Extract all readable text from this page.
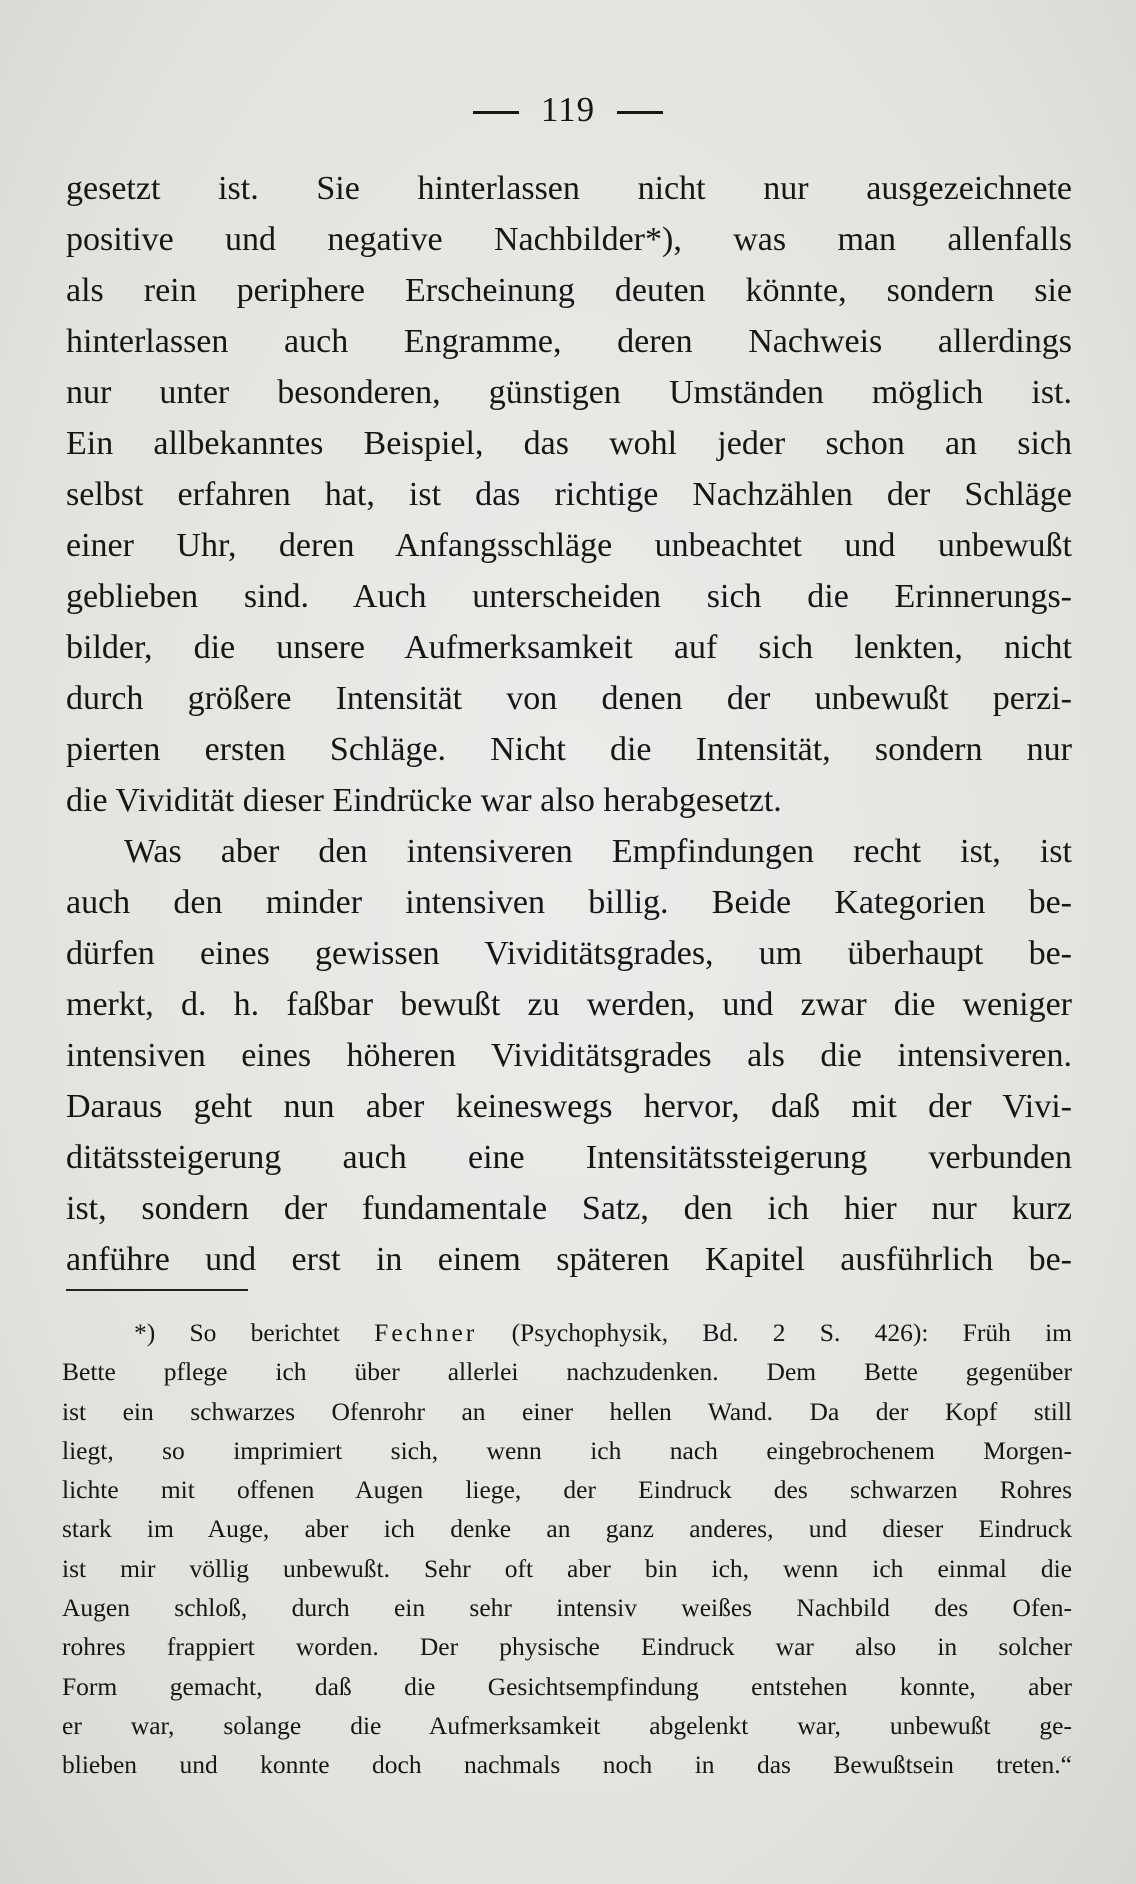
119
gesetzt ist. Sie hinterlassen nicht nur ausgezeichnete
positive und negative Nachbilder*), was man allenfalls
als rein periphere Erscheinung deuten könnte, sondern sie
hinterlassen auch Engramme, deren Nachweis allerdings
nur unter besonderen, günstigen Umständen möglich ist.
Ein allbekanntes Beispiel, das wohl jeder schon an sich
selbst erfahren hat, ist das richtige Nachzählen der Schläge
einer Uhr, deren Anfangsschläge unbeachtet und unbewußt
geblieben sind. Auch unterscheiden sich die Erinnerungs-
bilder, die unsere Aufmerksamkeit auf sich lenkten, nicht
durch größere Intensität von denen der unbewußt perzi-
pierten ersten Schläge. Nicht die Intensität, sondern nur
die Vividität dieser Eindrücke war also herabgesetzt.
Was aber den intensiveren Empfindungen recht ist, ist
auch den minder intensiven billig. Beide Kategorien be-
dürfen eines gewissen Vividitätsgrades, um überhaupt be-
merkt, d. h. faßbar bewußt zu werden, und zwar die weniger
intensiven eines höheren Vividitätsgrades als die intensiveren.
Daraus geht nun aber keineswegs hervor, daß mit der Vivi-
ditätssteigerung auch eine Intensitätssteigerung verbunden
ist, sondern der fundamentale Satz, den ich hier nur kurz
anführe und erst in einem späteren Kapitel ausführlich be-
*) So berichtet Fechner (Psychophysik, Bd. 2 S. 426): Früh im
Bette pflege ich über allerlei nachzudenken. Dem Bette gegenüber
ist ein schwarzes Ofenrohr an einer hellen Wand. Da der Kopf still
liegt, so imprimiert sich, wenn ich nach eingebrochenem Morgen-
lichte mit offenen Augen liege, der Eindruck des schwarzen Rohres
stark im Auge, aber ich denke an ganz anderes, und dieser Eindruck
ist mir völlig unbewußt. Sehr oft aber bin ich, wenn ich einmal die
Augen schloß, durch ein sehr intensiv weißes Nachbild des Ofen-
rohres frappiert worden. Der physische Eindruck war also in solcher
Form gemacht, daß die Gesichtsempfindung entstehen konnte, aber
er war, solange die Aufmerksamkeit abgelenkt war, unbewußt ge-
blieben und konnte doch nachmals noch in das Bewußtsein treten.“
